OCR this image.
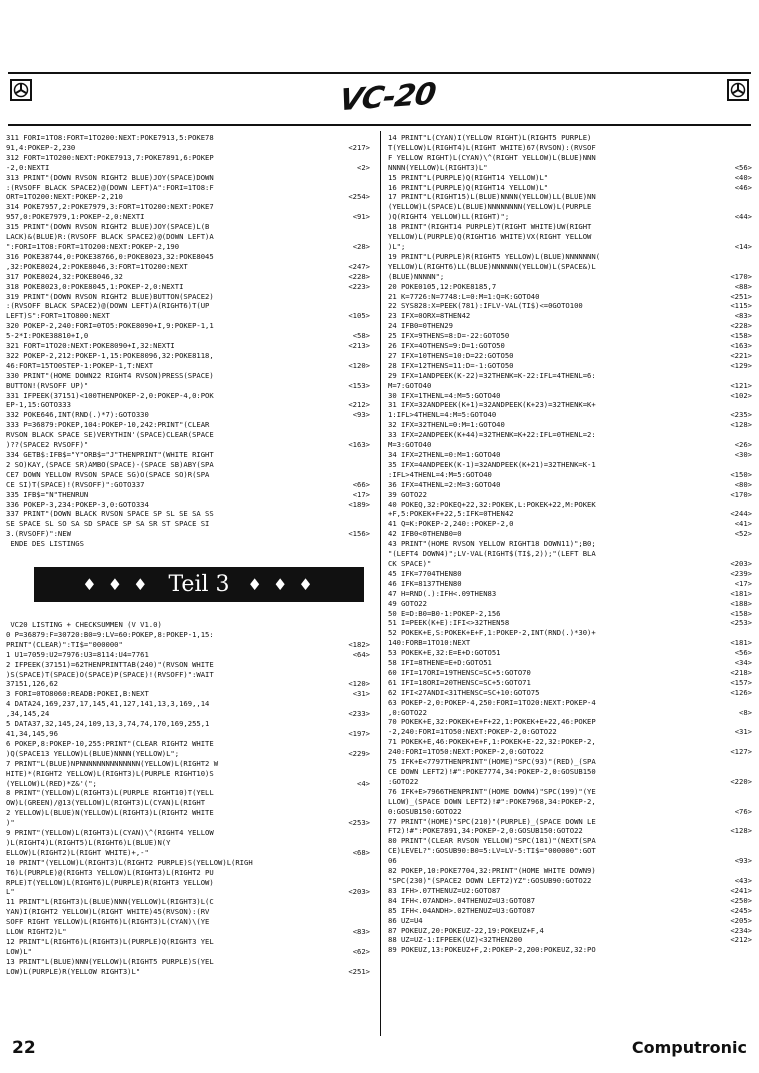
VC-20
311 FORI=1TO8:FORT=1TO200:NEXT:POKE7913,5:POKE78
91,4:POKEP-2,230	<217>
312 FORT=1TO200:NEXT:POKE7913,7:POKE7891,6:POKEP
-2,0:NEXTI	<2>
313 PRINT"(DOWN RVSON RIGHT2 BLUE)JOY(SPACE)DOWN
:(RVSOFF BLACK SPACE2)@(DOWN LEFT)A":FORI=1TO8:F
ORT=1TO200:NEXT:POKEP-2,210	<254>
314 POKE7957,2:POKE7979,3:FORT=1TO200:NEXT:POKE7
957,0:POKE7979,1:POKEP-2,0:NEXTI	<91>
315 PRINT"(DOWN RVSON RIGHT2 BLUE)JOY(SPACE)L(B
LACK)&(BLUE)R:(RVSOFF BLACK SPACE2)@(DOWN LEFT)A
":FORI=1TO8:FORT=1TO200:NEXT:POKEP-2,190	<28>
316 POKE38744,0:POKE38766,0:POKE8023,32:POKE8045
,32:POKE8024,2:POKE8046,3:FORT=1TO200:NEXT	<247>
317 POKE8024,32:POKE8046,32	<228>
318 POKE8023,0:POKE8045,1:POKEP-2,0:NEXTI	<223>
319 PRINT"(DOWN RVSON RIGHT2 BLUE)BUTTON(SPACE2)
:(RVSOFF BLACK SPACE2)@(DOWN LEFT)A(RIGHT6)T(UP
LEFT)S":FORT=1TO800:NEXT	<105>
320 POKEP-2,240:FORI=0TO5:POKE8090+I,9:POKEP-1,1
5-2*I:POKE38810+I,0	<58>
321 FORT=1TO20:NEXT:POKE8090+I,32:NEXTI	<213>
322 POKEP-2,212:POKEP-1,15:POKE8096,32:POKE8118,
46:FORT=15TO0STEP-1:POKEP-1,T:NEXT	<120>
330 PRINT"(HOME DOWN22 RIGHT4 RVSON)PRESS(SPACE)
BUTTON!(RVSOFF UP)"	<153>
331 IFPEEK(37151)<100THENPOKEP-2,0:POKEP-4,0:POK
EP-1,15:GOTO333	<212>
332 POKE646,INT(RND(.)*7):GOTO330	<93>
333 P=36879:POKEP,104:POKEP-10,242:PRINT"(CLEAR
RVSON BLACK SPACE SE)VERYTHIN'(SPACE)CLEAR(SPACE
)??(SPACE2 RVSOFF)"	<163>
334 GETB$:IFB$="Y"ORB$="J"THENPRINT"(WHITE RIGHT
2 SO)KAY,(SPACE SR)AMBO(SPACE)-(SPACE SB)ABY(SPA
CE7 DOWN YELLOW RVSON SPACE SG)O(SPACE SO)R(SPA
CE SI)T(SPACE)!(RVSOFF)":GOTO337	<66>
335 IFB$="N"THENRUN	<17>
336 POKEP-3,234:POKEP-3,0:GOTO334	<189>
337 PRINT"(DOWN BLACK RVSON SPACE SP SL SE SA SS
SE SPACE SL SO SA SD SPACE SP SA SR ST SPACE SI
3.(RVSOFF)":NEW	<156>
ENDE DES LISTINGS
♦ ♦ ♦ Teil 3 ♦ ♦ ♦
VC20 LISTING + CHECKSUMMEN (V V1.0)
0 P=36879:F=30720:B0=9:LV=60:POKEP,8:POKEP-1,15:
PRINT"(CLEAR)":TI$="000000"	<182>
1 U1=7059:U2=7976:U3=8114:U4=7761	<64>
2 IFPEEK(37151)=62THENPRINTTAB(240)"(RVSON WHITE
)S(SPACE)T(SPACE)O(SPACE)P(SPACE)!(RVSOFF)":WAIT
37151,126,62	<120>
3 FORI=0TO8060:READB:POKEI,B:NEXT	<31>
4 DATA24,169,237,17,145,41,127,141,13,3,169,,14
,34,145,24	<233>
5 DATA37,32,145,24,109,13,3,74,74,170,169,255,1
41,34,145,96	<197>
6 POKEP,8:POKEP-10,255:PRINT"(CLEAR RIGHT2 WHITE
)Q(SPACE13 YELLOW)L(BLUE)NNNN(YELLOW)L";	<229>
7 PRINT"L(BLUE)NPNNNNNNNNNNNNNN(YELLOW)L(RIGHT2 W
HITE)*(RIGHT2 YELLOW)L(RIGHT3)L(PURPLE RIGHT10)S
(YELLOW)L(RED)*Z&'(";	<4>
8 PRINT"(YELLOW)L(RIGHT3)L(PURPLE RIGHT10)T(YELL
OW)L(GREEN)/@13(YELLOW)L(RIGHT3)L(CYAN)L(RIGHT
2 YELLOW)L(BLUE)N(YELLOW)L(RIGHT3)L(RIGHT2 WHITE
)"	<253>
9 PRINT"(YELLOW)L(RIGHT3)L(CYAN)\^(RIGHT4 YELLOW
)L(RIGHT4)L(RIGHT5)L(RIGHT6)L(BLUE)N(Y
ELLOW)L(RIGHT2)L(RIGHT WHITE)+,-"	<68>
10 PRINT"(YELLOW)L(RIGHT3)L(RIGHT2 PURPLE)S(YELLOW)L(RIGH
T6)L(PURPLE)@(RIGHT3 YELLOW)L(RIGHT3)L(RIGHT2 PU
RPLE)T(YELLOW)L(RIGHT6)L(PURPLE)R(RIGHT3 YELLOW)
L"	<203>
11 PRINT"L(RIGHT3)L(BLUE)NNN(YELLOW)L(RIGHT3)L(C
YAN)I(RIGHT2 YELLOW)L(RIGHT WHITE)45(RVSON):(RV
SOFF RIGHT YELLOW)L(RIGHT6)L(RIGHT3)L(CYAN)\(YE
LLOW RIGHT2)L"	<83>
12 PRINT"L(RIGHT6)L(RIGHT3)L(PURPLE)Q(RIGHT3 YEL
LOW)L"	<62>
13 PRINT"L(BLUE)NNN(YELLOW)L(RIGHT5 PURPLE)S(YEL
LOW)L(PURPLE)R(YELLOW RIGHT3)L"	<251>
14 PRINT"L(CYAN)I(YELLOW RIGHT)L(RIGHT5 PURPLE)
T(YELLOW)L(RIGHT4)L(RIGHT WHITE)67(RVSON):(RVSOF
F YELLOW RIGHT)L(CYAN)\^(RIGHT YELLOW)L(BLUE)NNN
NNNN(YELLOW)L(RIGHT3)L"	<56>
15 PRINT"L(PURPLE)Q(RIGHT14 YELLOW)L"	<40>
16 PRINT"L(PURPLE)Q(RIGHT14 YELLOW)L"	<46>
17 PRINT"L(RIGHT15)L(BLUE)NNNN(YELLOW)LL(BLUE)NN
(YELLOW)L(SPACE)L(BLUE)NNNNNNNN(YELLOW)L(PURPLE
)Q(RIGHT4 YELLOW)LL(RIGHT)";	<44>
18 PRINT"(RIGHT14 PURPLE)T(RIGHT WHITE)UW(RIGHT
YELLOW)L(PURPLE)Q(RIGHT16 WHITE)VX(RIGHT YELLOW
)L";	<14>
19 PRINT"L(PURPLE)R(RIGHT5 YELLOW)L(BLUE)NNNNNNN(
YELLOW)L(RIGHT6)LL(BLUE)NNNNNN(YELLOW)L(SPACE&)L
(BLUE)NNNNN";	<170>
20 POKE0105,12:POKE8185,7	<88>
21 K=7726:N=7748:L=0:M=1:Q=K:GOTO40	<251>
22 SYS828:X=PEEK(781):IFLV-VAL(TI$)<=0GOTO100	<115>
23 IFX=0ORX=8THEN42	<83>
24 IFB0=0THEN29	<228>
25 IFX=9THENS=8:D=-22:GOTO50	<158>
26 IFX=4OTHENS=9:D=1:GOTO50	<163>
27 IFX=10THENS=10:D=22:GOTO50	<221>
28 IFX=12THENS=11:D=-1:GOTO50	<129>
29 IFX=1ANDPEEK(K-22)=32THENK=K-22:IFL=4THENL=6:
M=7:GOTO40	<121>
30 IFX=1THENL=4:M=5:GOTO40	<102>
31 IFX=32ANDPEEK(K+1)=32ANDPEEK(K+23)=32THENK=K+
1:IFL>4THENL=4:M=5:GOTO40	<235>
32 IFX=32THENL=0:M=1:GOTO40	<128>
33 IFX=2ANDPEEK(K+44)=32THENK=K+22:IFL=0THENL=2:
M=3:GOTO40	<26>
34 IFX=2THENL=0:M=1:GOTO40	<30>
35 IFX=4ANDPEEK(K-1)=32ANDPEEK(K+21)=32THENK=K-1
:IFL>4THENL=4:M=5:GOTO40	<150>
36 IFX=4THENL=2:M=3:GOTO40	<80>
39 GOTO22	<170>
40 POKEQ,32:POKEQ+22,32:POKEK,L:POKEK+22,M:POKEK
+F,5:POKEK+F+22,5:IFK=0THEN42	<244>
41 Q=K:POKEP-2,240::POKEP-2,0	<41>
42 IFB0<0THENB0=0	<52>
43 PRINT"(HOME RVSON YELLOW RIGHT18 DOWN11)";B0;
"(LEFT4 DOWN4)";LV-VAL(RIGHT$(TI$,2));"(LEFT BLA
CK SPACE)"	<203>
45 IFK=7704THEN80	<239>
46 IFK=8137THEN80	<17>
47 H=RND(.):IFH<.09THEN83	<181>
49 GOTO22	<188>
50 E=D:B0=B0-1:POKEP-2,156	<158>
51 I=PEEK(K+E):IFI<>32THEN58	<253>
52 POKEK+E,S:POKEK+E+F,1:POKEP-2,INT(RND(.)*30)+
140:FORB=1TO10:NEXT	<181>
53 POKEK+E,32:E=E+D:GOTO51	<56>
58 IFI=8THENE=E+D:GOTO51	<34>
60 IFI=17ORI=19THENSC=SC+5:GOTO70	<218>
61 IFI=18ORI=20THENSC=SC+5:GOTO71	<157>
62 IFI<27ANDI<31THENSC=SC+10:GOTO75	<126>
63 POKEP-2,0:POKEP-4,250:FORI=1TO20:NEXT:POKEP-4
,0:GOTO22	<8>
70 POKEK+E,32:POKEK+E+F+22,1:POKEK+E+22,46:POKEP
-2,240:FORI=1TO50:NEXT:POKEP-2,0:GOTO22	<31>
71 POKEK+E,46:POKEK+E+F,1:POKEK+E-22,32:POKEP-2,
240:FORI=1TO50:NEXT:POKEP-2,0:GOTO22	<127>
75 IFK+E<7797THENPRINT"(HOME)"SPC(93)"(RED)_(SPA
CE DOWN LEFT2)!#":POKE7774,34:POKEP-2,0:GOSUB150
:GOTO22	<220>
76 IFK+E>7966THENPRINT"(HOME DOWN4)"SPC(199)"(YE
LLOW)_(SPACE DOWN LEFT2)!#":POKE7968,34:POKEP-2,
0:GOSUB150:GOTO22	<76>
77 PRINT"(HOME)"SPC(210)"(PURPLE)_(SPACE DOWN LE
FT2)!#":POKE7891,34:POKEP-2,0:GOSUB150:GOTO22	<128>
80 PRINT"(CLEAR RVSON YELLOW)"SPC(181)"(NEXT(SPA
CE)LEVEL?":GOSUB90:B0=5:LV=LV-5:TI$="000000":GOT
06	<93>
82 POKEP,10:POKE7704,32:PRINT"(HOME WHITE DOWN9)
"SPC(230)"(SPACE2 DOWN LEFT2)YZ":GOSUB90:GOTO22	<43>
83 IFH>.07THENUZ=U2:GOTO87	<241>
84 IFH<.07ANDH>.04THENUZ=U3:GOTO87	<250>
85 IFH<.04ANDH>.02THENUZ=U3:GOTO87	<245>
86 UZ=U4	<205>
87 POKEUZ,20:POKEUZ-22,19:POKEUZ+F,4	<234>
88 UZ=UZ-1:IFPEEK(UZ)<32THEN200	<212>
89 POKEUZ,13:POKEUZ+F,2:POKEP-2,200:POKEUZ,32:PO
22	Computronic
